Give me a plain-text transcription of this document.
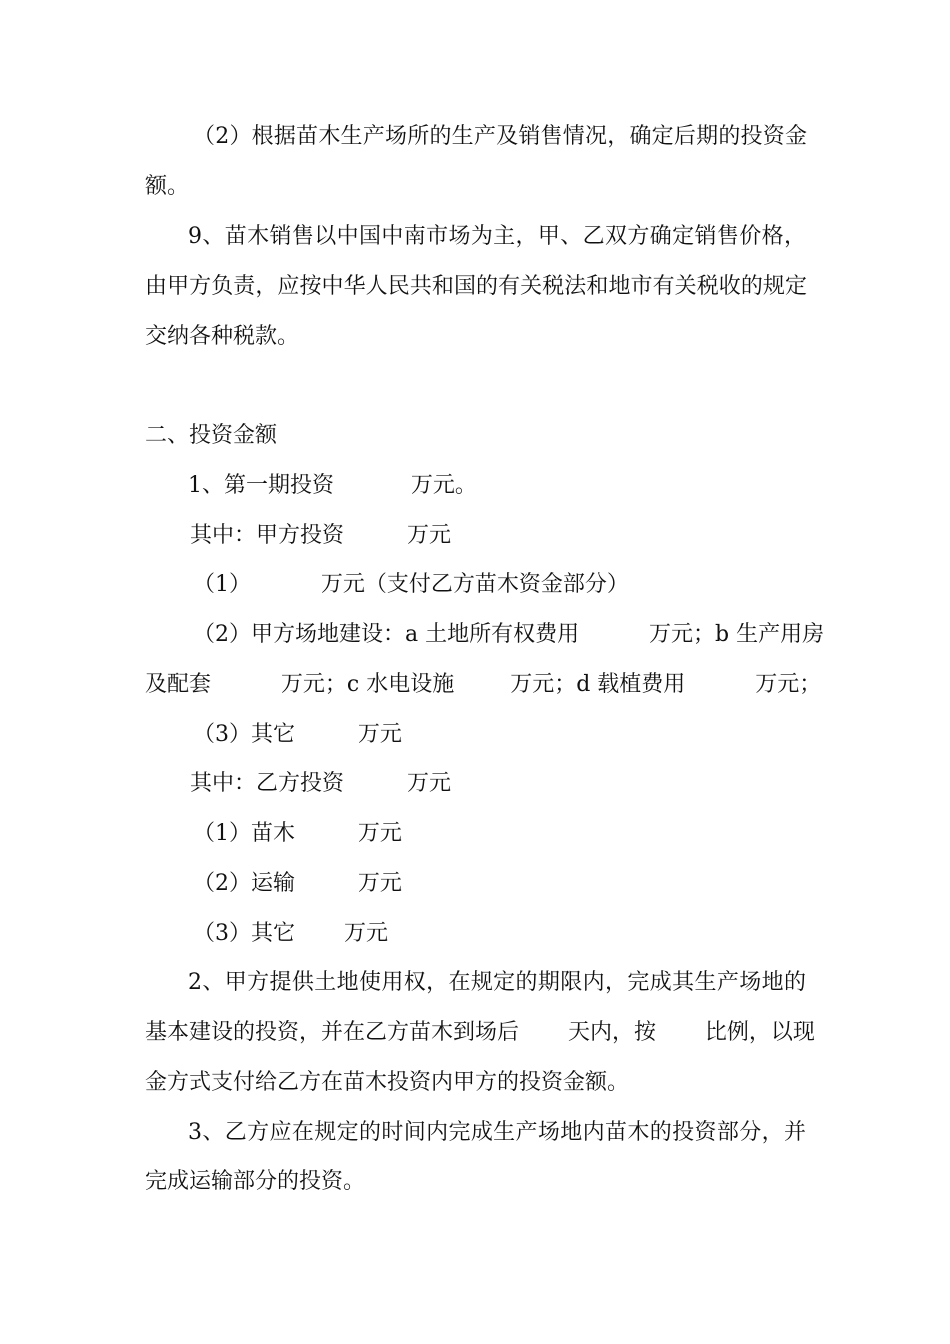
（2）根据苗木生产场所的生产及销售情况，确定后期的投资金
额。
9、苗木销售以中国中南市场为主，甲、乙双方确定销售价格，
由甲方负责，应按中华人民共和国的有关税法和地市有关税收的规定
交纳各种税款。
二、投资金额
1、第一期投资           万元。
其中：甲方投资         万元
（1）          万元（支付乙方苗木资金部分）
（2）甲方场地建设：a 土地所有权费用          万元；b 生产用房
及配套          万元；c 水电设施        万元；d 载植费用          万元；
（3）其它         万元
其中：乙方投资         万元
（1）苗木         万元
（2）运输         万元
（3）其它       万元
2、甲方提供土地使用权，在规定的期限内，完成其生产场地的
基本建设的投资，并在乙方苗木到场后       天内，按       比例，以现
金方式支付给乙方在苗木投资内甲方的投资金额。
3、乙方应在规定的时间内完成生产场地内苗木的投资部分，并
完成运输部分的投资。
